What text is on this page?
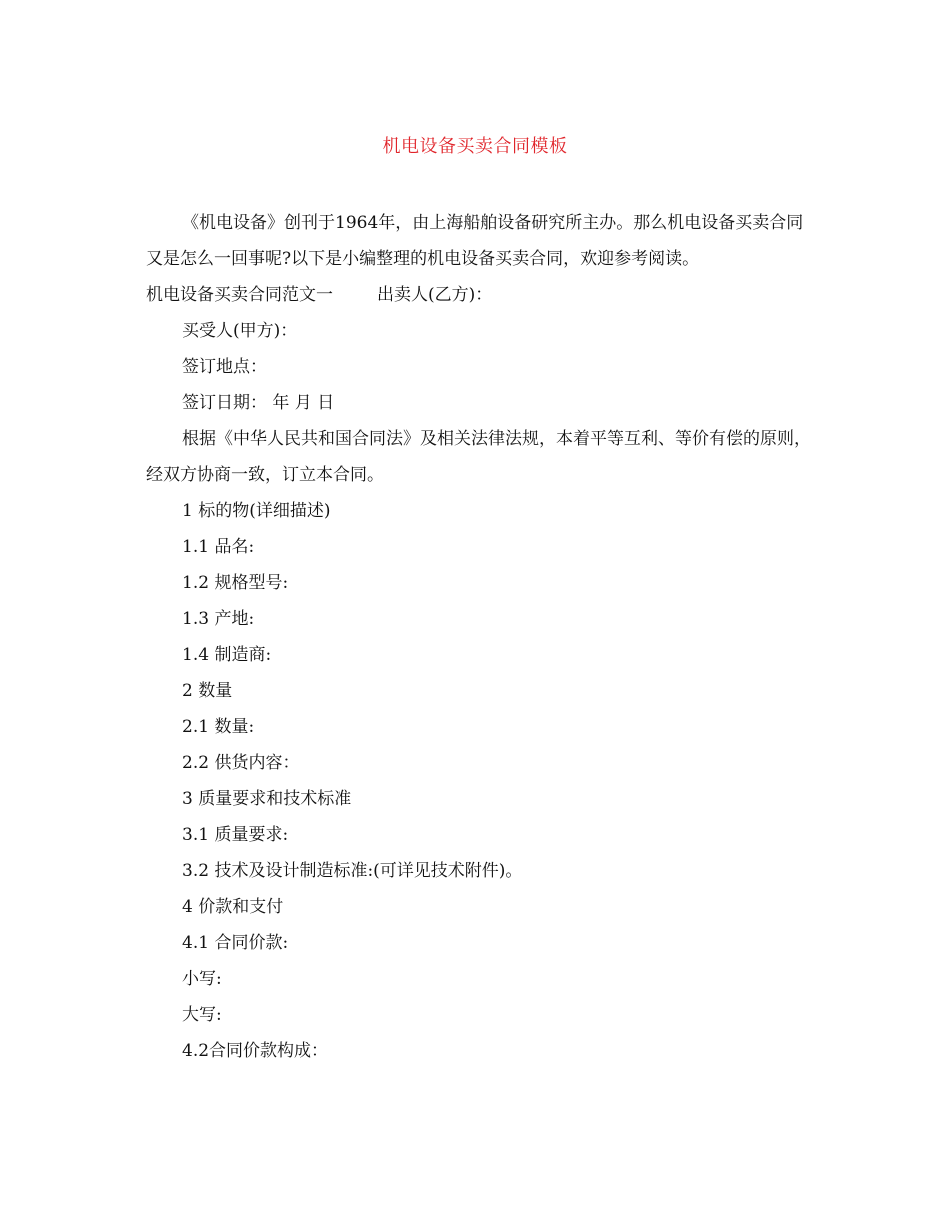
机电设备买卖合同模板

《机电设备》创刊于1964年，由上海船舶设备研究所主办。那么机电设备买卖合同又是怎么一回事呢?以下是小编整理的机电设备买卖合同，欢迎参考阅读。

机电设备买卖合同范文一	出卖人(乙方)：

买受人(甲方)：

签订地点：

签订日期： 年 月 日

根据《中华人民共和国合同法》及相关法律法规，本着平等互利、等价有偿的原则，经双方协商一致，订立本合同。

1 标的物(详细描述)

1.1 品名:

1.2 规格型号:

1.3 产地:

1.4 制造商:

2 数量

2.1 数量:

2.2 供货内容：

3 质量要求和技术标准

3.1 质量要求:

3.2 技术及设计制造标准:(可详见技术附件)。

4 价款和支付

4.1 合同价款:

小写:

大写:

4.2合同价款构成：
